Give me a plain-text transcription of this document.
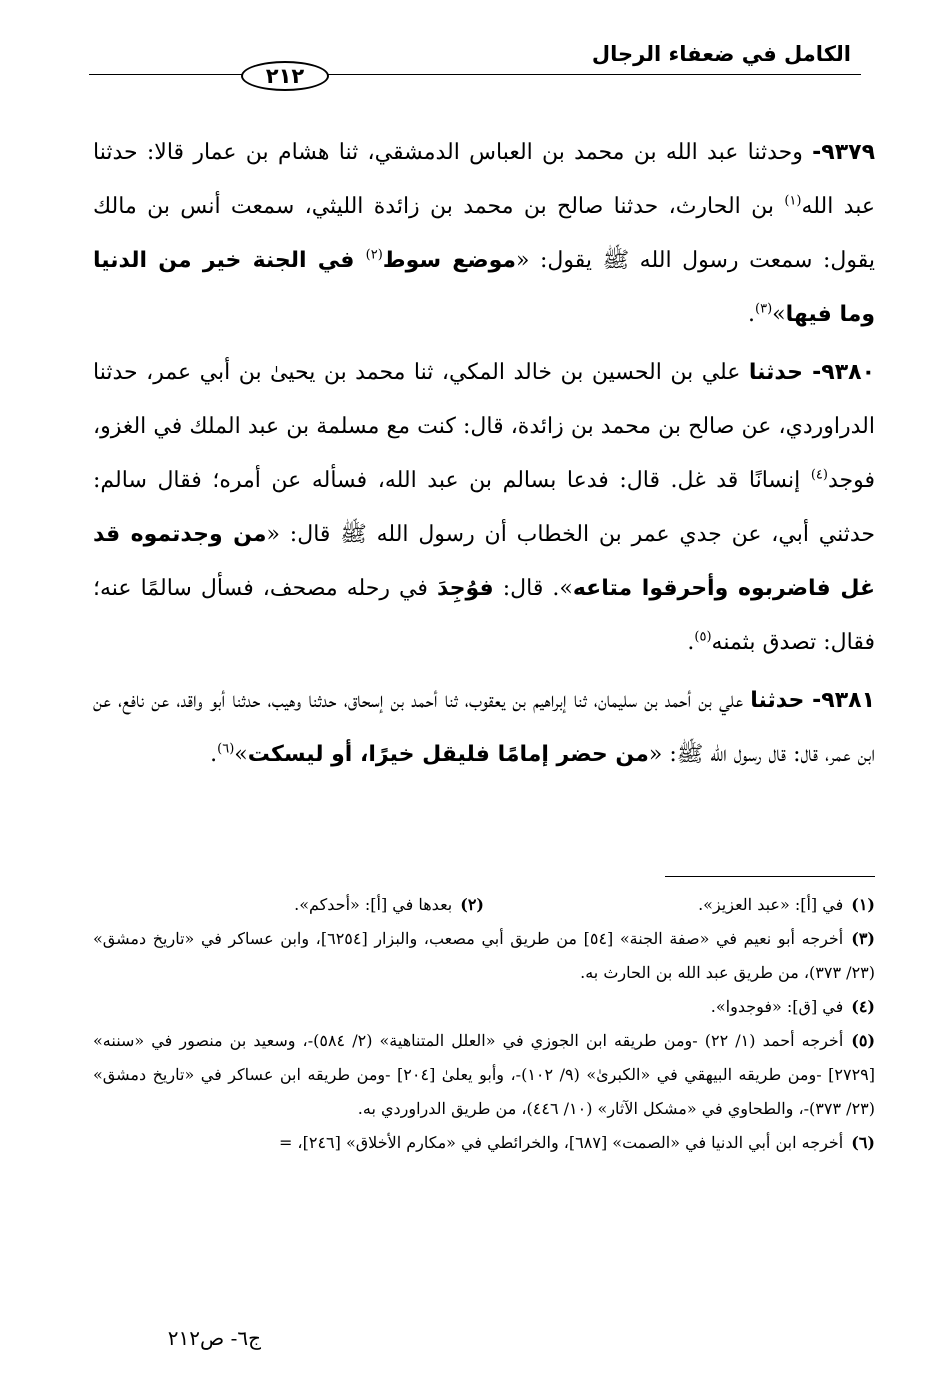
الكامل في ضعفاء الرجال
٢١٢

٩٣٧٩- وحدثنا عبد الله بن محمد بن العباس الدمشقي، ثنا هشام بن عمار قالا: حدثنا عبد الله$^{(١)}$ بن الحارث، حدثنا صالح بن محمد بن زائدة الليثي، سمعت أنس بن مالك يقول: سمعت رسول الله ﷺ يقول: «موضع سوط$^{(٢)}$ في الجنة خير من الدنيا وما فيها»$^{(٣)}$.

٩٣٨٠- حدثنا علي بن الحسين بن خالد المكي، ثنا محمد بن يحيىٰ بن أبي عمر، حدثنا الدراوردي، عن صالح بن محمد بن زائدة، قال: كنت مع مسلمة بن عبد الملك في الغزو، فوجد$^{(٤)}$ إنسانًا قد غل. قال: فدعا بسالم بن عبد الله، فسأله عن أمره؛ فقال سالم: حدثني أبي، عن جدي عمر بن الخطاب أن رسول الله ﷺ قال: «من وجدتموه قد غل فاضربوه وأحرقوا متاعه». قال: فوُجِدَ في رحله مصحف، فسأل سالمًا عنه؛ فقال: تصدق بثمنه$^{(٥)}$.

٩٣٨١- حدثنا علي بن أحمد بن سليمان، ثنا إبراهيم بن يعقوب، ثنا أحمد بن إسحاق، حدثنا وهيب، حدثنا أبو واقد، عن نافع، عن ابن عمر، قال: قال رسول الله ﷺ: «من حضر إمامًا فليقل خيرًا، أو ليسكت»$^{(٦)}$.

(١)في [أ]: «عبد العزيز».

(٢)بعدها في [أ]: «أحدكم».

(٣)أخرجه أبو نعيم في «صفة الجنة» [٥٤] من طريق أبي مصعب، والبزار [٦٢٥٤]، وابن عساكر في «تاريخ دمشق» (٢٣/ ٣٧٣)، من طريق عبد الله بن الحارث به.

(٤)في [ق]: «فوجدوا».

(٥)أخرجه أحمد (١/ ٢٢) -ومن طريقه ابن الجوزي في «العلل المتناهية» (٢/ ٥٨٤)-، وسعيد بن منصور في «سننه» [٢٧٢٩] -ومن طريقه البيهقي في «الكبرىٰ» (٩/ ١٠٢)-، وأبو يعلىٰ [٢٠٤] -ومن طريقه ابن عساكر في «تاريخ دمشق» (٢٣/ ٣٧٣)-، والطحاوي في «مشكل الآثار» (١٠/ ٤٤٦)، من طريق الدراوردي به.

(٦)أخرجه ابن أبي الدنيا في «الصمت» [٦٨٧]، والخرائطي في «مكارم الأخلاق» [٢٤٦]، =

ج٦- ص٢١٢
